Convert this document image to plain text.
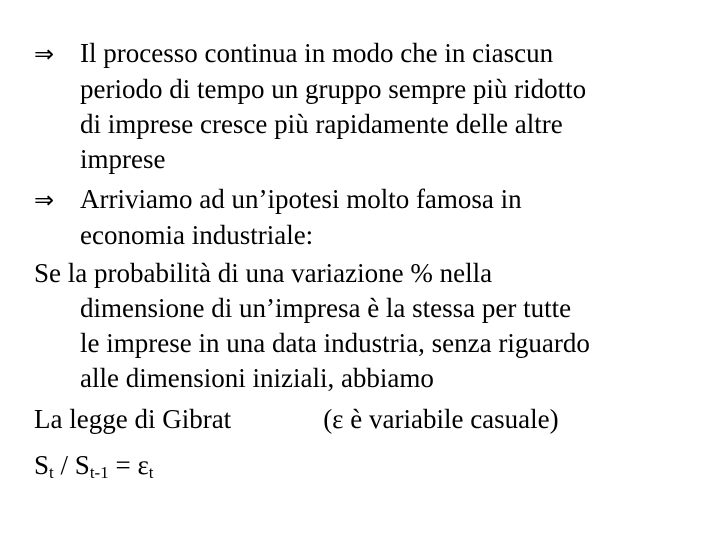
⇒ Il processo continua in modo che in ciascun
periodo di tempo un gruppo sempre più ridotto
di imprese cresce più rapidamente delle altre
imprese
⇒ Arriviamo ad un’ipotesi molto famosa in
economia industriale:
Se la probabilità di una variazione % nella
dimensione di un’impresa è la stessa per tutte
le imprese in una data industria, senza riguardo
alle dimensioni iniziali, abbiamo
La legge di Gibrat	(ε è variabile casuale)
$S_t / S_{t-1} = \varepsilon_t$
